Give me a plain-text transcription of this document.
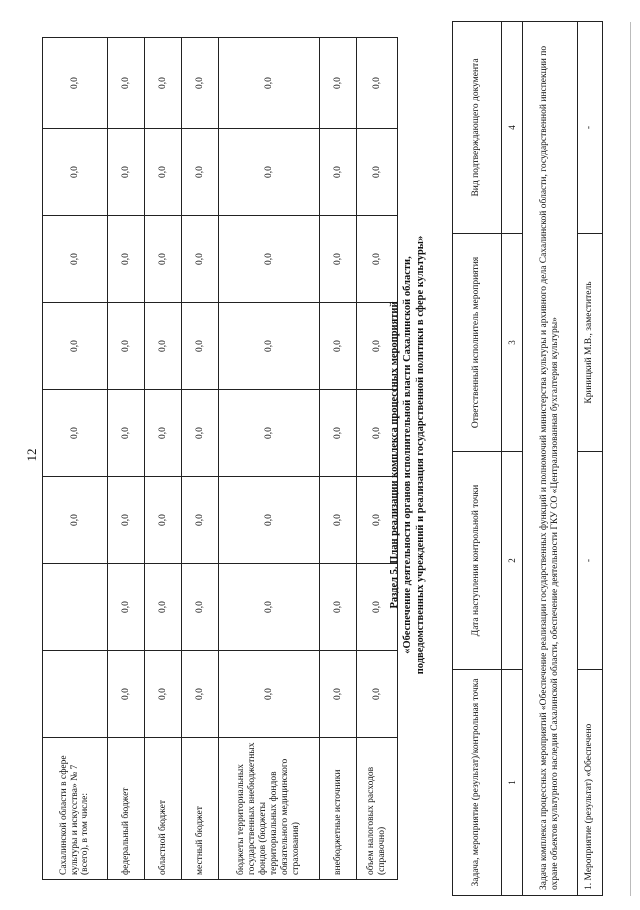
12
Сахалинской области в сфере культуры и искусства» № 7 (всего), в том числе:			0,0	0,0	0,0	0,0	0,0	0,0
федеральный бюджет	0,0	0,0	0,0	0,0	0,0	0,0	0,0	0,0
областной бюджет	0,0	0,0	0,0	0,0	0,0	0,0	0,0	0,0
местный бюджет	0,0	0,0	0,0	0,0	0,0	0,0	0,0	0,0
бюджеты территориальных государственных внебюджетных фондов (бюджеты территориальных фондов обязательного медицинского страхования)	0,0	0,0	0,0	0,0	0,0	0,0	0,0	0,0
внебюджетные источники	0,0	0,0	0,0	0,0	0,0	0,0	0,0	0,0
объем налоговых расходов (справочно)	0,0	0,0	0,0	0,0	0,0	0,0	0,0	0,0
Раздел 5. План реализации комплекса процессных мероприятий «Обеспечение деятельности органов исполнительной власти Сахалинской области, подведомственных учреждений и реализация государственной политики в сфере культуры»
Задача, мероприятие (результат)/контрольная точка	Дата наступления контрольной точки	Ответственный исполнитель мероприятия	Вид подтверждающего документа
1	2	3	4
Задача комплекса процессных мероприятий «Обеспечение реализации государственных функций и полномочий министерства культуры и архивного дела Сахалинской области, государственной инспекции по охране объектов культурного наследия Сахалинской области, обеспечение деятельности ГКУ СО «Централизованная бухгалтерия культуры»			
1. Мероприятие (результат) «Обеспечено	-	Криницкий М.В., заместитель	-
